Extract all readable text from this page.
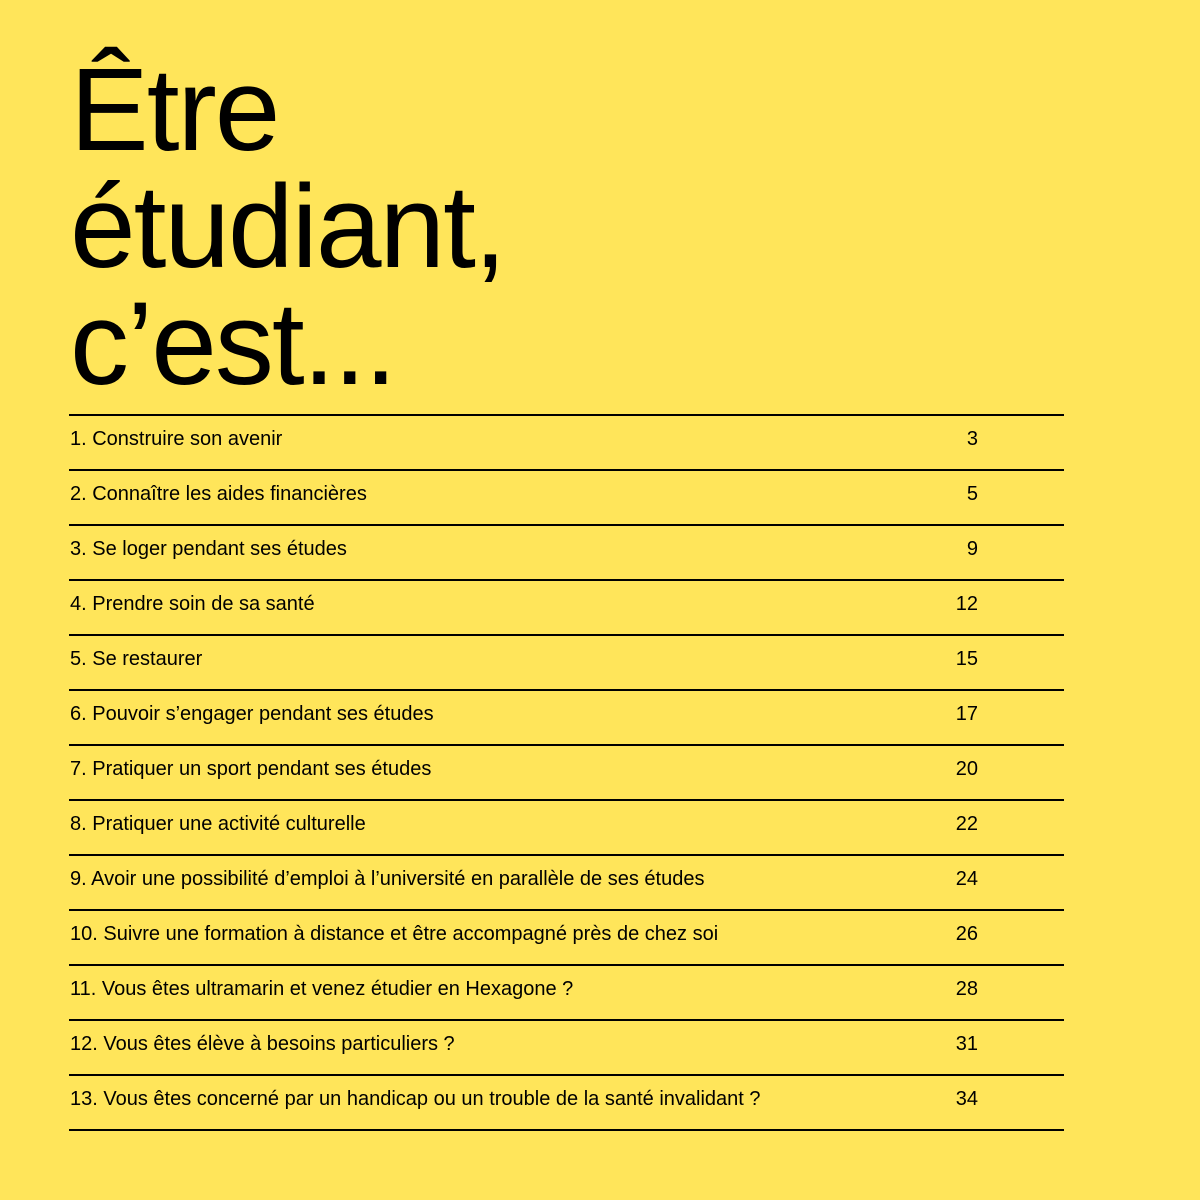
Être
étudiant,
c’est...
1. Construire son avenir	3
2. Connaître les aides financières	5
3. Se loger pendant ses études	9
4. Prendre soin de sa santé	12
5. Se restaurer	15
6. Pouvoir s’engager pendant ses études	17
7. Pratiquer un sport pendant ses études	20
8. Pratiquer une activité culturelle	22
9. Avoir une possibilité d’emploi à l’université en parallèle de ses études	24
10. Suivre une formation à distance et être accompagné près de chez soi	26
11. Vous êtes ultramarin et venez étudier en Hexagone ?	28
12. Vous êtes élève à besoins particuliers ?	31
13. Vous êtes concerné par un handicap ou un trouble de la santé invalidant ?	34
